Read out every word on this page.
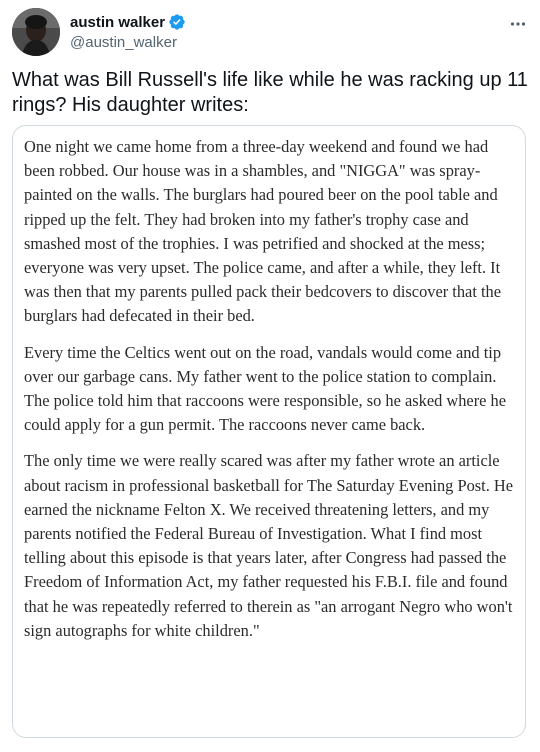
austin walker
@austin_walker

What was Bill Russell's life like while he was racking up 11 rings? His daughter writes:

One night we came home from a three-day weekend and found we had been robbed. Our house was in a shambles, and "NIGGA" was spray-painted on the walls. The burglars had poured beer on the pool table and ripped up the felt. They had broken into my father's trophy case and smashed most of the trophies. I was petrified and shocked at the mess; everyone was very upset. The police came, and after a while, they left. It was then that my parents pulled pack their bedcovers to discover that the burglars had defecated in their bed.

Every time the Celtics went out on the road, vandals would come and tip over our garbage cans. My father went to the police station to complain. The police told him that raccoons were responsible, so he asked where he could apply for a gun permit. The raccoons never came back.

The only time we were really scared was after my father wrote an article about racism in professional basketball for The Saturday Evening Post. He earned the nickname Felton X. We received threatening letters, and my parents notified the Federal Bureau of Investigation. What I find most telling about this episode is that years later, after Congress had passed the Freedom of Information Act, my father requested his F.B.I. file and found that he was repeatedly referred to therein as "an arrogant Negro who won't sign autographs for white children."
